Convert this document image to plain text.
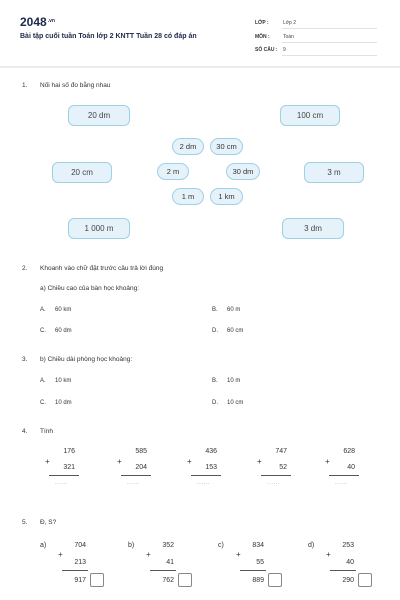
$2048^{.vn}$
Bài tập cuối tuần Toán lớp 2 KNTT Tuần 28 có đáp án
LỚP :	Lớp 2
MÔN :	Toán
SỐ CÂU : 9
1. Nối hai số đo bằng nhau
20 dm
20 cm
1 000 m
100 cm
3 m
3 dm
2 dm	30 cm
2 m	30 dm
1 m	1 km
2. Khoanh vào chữ đặt trước câu trả lời đúng
a) Chiều cao của bàn học khoảng:
A. 60 km	B. 60 m
C. 60 dm	D. 60 cm
3. b) Chiều dài phòng học khoảng:
A. 10 km	B. 10 m
C. 10 dm	D. 10 cm
4. Tính
176
+
321
......
585
+
204
......
436
+
153
......
747
+
52
......
628
+
40
......
5. Đ, S?
a)	704
+
213
917
b)	352
+
41
762
c)	834
+
55
889
d)	253
+
40
290
